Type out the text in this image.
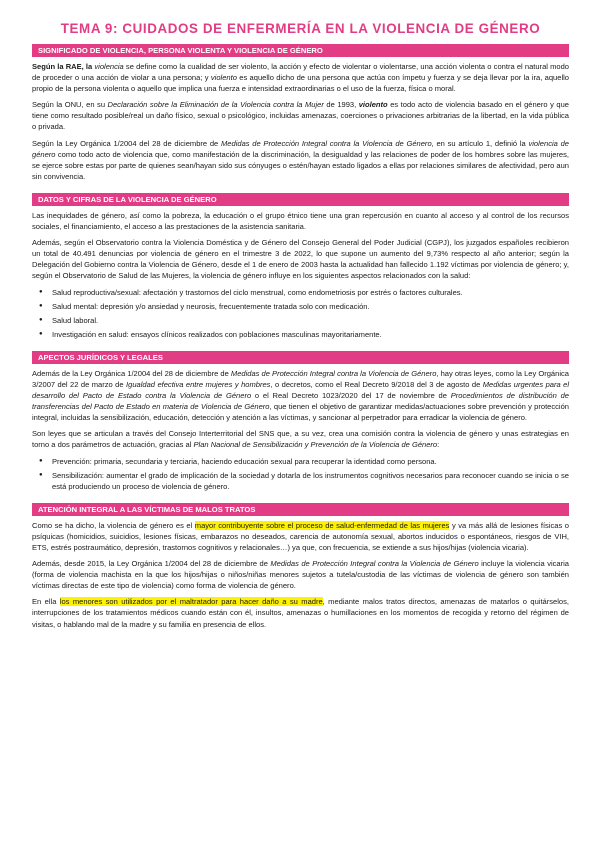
TEMA 9: CUIDADOS DE ENFERMERÍA EN LA VIOLENCIA DE GÉNERO
SIGNIFICADO DE VIOLENCIA, PERSONA VIOLENTA Y VIOLENCIA DE GÉNERO

Según la RAE, la violencia se define como la cualidad de ser violento, la acción y efecto de violentar o violentarse, una acción violenta o contra el natural modo de proceder o una acción de violar a una persona; y violento es aquello dicho de una persona que actúa con ímpetu y fuerza y se deja llevar por la ira, aquello propio de la persona violenta o aquello que implica una fuerza e intensidad extraordinarias o el uso de la fuerza, física o moral.

Según la ONU, en su Declaración sobre la Eliminación de la Violencia contra la Mujer de 1993, violento es todo acto de violencia basado en el género y que tiene como resultado posible/real un daño físico, sexual o psicológico, incluidas amenazas, coerciones o privaciones arbitrarias de la libertad, en la vida pública o privada.

Según la Ley Orgánica 1/2004 del 28 de diciembre de Medidas de Protección Integral contra la Violencia de Género, en su artículo 1, definió la violencia de género como todo acto de violencia que, como manifestación de la discriminación, la desigualdad y las relaciones de poder de los hombres sobre las mujeres, se ejerce sobre estas por parte de quienes sean/hayan sido sus cónyuges o estén/hayan estado ligados a ellas por relaciones similares de afectividad, pero aun sin convivencia.

DATOS Y CIFRAS DE LA VIOLENCIA DE GÉNERO

Las inequidades de género, así como la pobreza, la educación o el grupo étnico tiene una gran repercusión en cuanto al acceso y al control de los recursos sociales, el financiamiento, el acceso a las prestaciones de la asistencia sanitaria.

Además, según el Observatorio contra la Violencia Doméstica y de Género del Consejo General del Poder Judicial (CGPJ), los juzgados españoles recibieron un total de 40.491 denuncias por violencia de género en el trimestre 3 de 2022, lo que supone un aumento del 9,73% respecto al año anterior; según la Delegación del Gobierno contra la Violencia de Género, desde el 1 de enero de 2003 hasta la actualidad han fallecido 1.192 víctimas por violencia de género; y, según el Observatorio de Salud de las Mujeres, la violencia de género influye en los siguientes aspectos relacionados con la salud:

● Salud reproductiva/sexual: afectación y trastornos del ciclo menstrual, como endometriosis por estrés o factores culturales.
● Salud mental: depresión y/o ansiedad y neurosis, frecuentemente tratada solo con medicación.
● Salud laboral.
● Investigación en salud: ensayos clínicos realizados con poblaciones masculinas mayoritariamente.
APECTOS JURÍDICOS Y LEGALES

Además de la Ley Orgánica 1/2004 del 28 de diciembre de Medidas de Protección Integral contra la Violencia de Género, hay otras leyes, como la Ley Orgánica 3/2007 del 22 de marzo de Igualdad efectiva entre mujeres y hombres, o decretos, como el Real Decreto 9/2018 del 3 de agosto de Medidas urgentes para el desarrollo del Pacto de Estado contra la Violencia de Género o el Real Decreto 1023/2020 del 17 de noviembre de Procedimientos de distribución de transferencias del Pacto de Estado en materia de Violencia de Género, que tienen el objetivo de garantizar medidas/actuaciones sobre prevención y protección integral, incluidas la sensibilización, educación, detección y atención a las víctimas, y sancionar al perpetrador para erradicar la violencia de género.

Son leyes que se articulan a través del Consejo Interterritorial del SNS que, a su vez, crea una comisión contra la violencia de género y unas estrategias en torno a dos parámetros de actuación, gracias al Plan Nacional de Sensibilización y Prevención de la Violencia de Género:

● Prevención: primaria, secundaria y terciaria, haciendo educación sexual para recuperar la identidad como persona.
● Sensibilización: aumentar el grado de implicación de la sociedad y dotarla de los instrumentos cognitivos necesarios para reconocer cuando se inicia o se está produciendo un proceso de violencia de género.
ATENCIÓN INTEGRAL A LAS VÍCTIMAS DE MALOS TRATOS

Como se ha dicho, la violencia de género es el mayor contribuyente sobre el proceso de salud-enfermedad de las mujeres y va más allá de lesiones físicas o psíquicas (homicidios, suicidios, lesiones físicas, embarazos no deseados, carencia de autonomía sexual, abortos inducidos o espontáneos, riesgos de VIH, ETS, estrés postraumático, depresión, trastornos cognitivos y relacionales…) ya que, con frecuencia, se extiende a sus hijos/hijas (violencia vicaria).

Además, desde 2015, la Ley Orgánica 1/2004 del 28 de diciembre de Medidas de Protección Integral contra la Violencia de Género incluye la violencia vicaria (forma de violencia machista en la que los hijos/hijas o niños/niñas menores sujetos a tutela/custodia de las víctimas de violencia de género son también víctimas directas de este tipo de violencia) como forma de violencia de género.

En ella los menores son utilizados por el maltratador para hacer daño a su madre, mediante malos tratos directos, amenazas de matarlos o quitárselos, interrupciones de los tratamientos médicos cuando están con él, insultos, amenazas o humillaciones en los momentos de recogida y retorno del régimen de visitas, o hablando mal de la madre y su familia en presencia de ellos.
